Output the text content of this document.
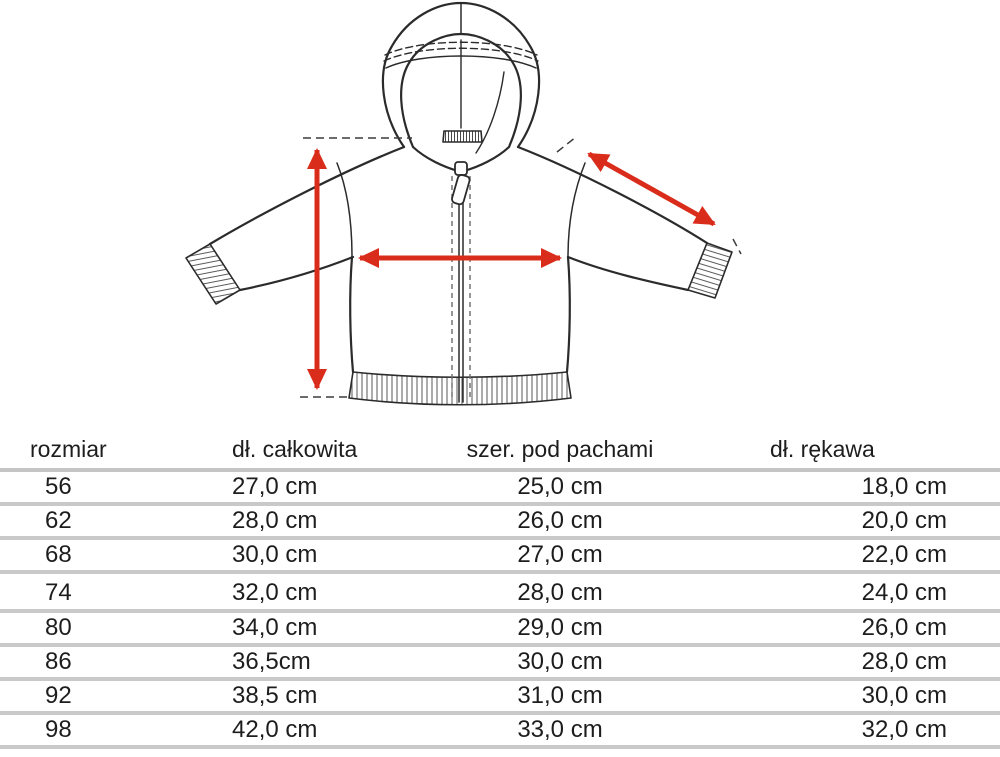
rozmiar	dł. całkowita	szer. pod pachami	dł. rękawa
56	27,0 cm	25,0 cm	18,0 cm
62	28,0 cm	26,0 cm	20,0 cm
68	30,0 cm	27,0 cm	22,0 cm
74	32,0 cm	28,0 cm	24,0 cm
80	34,0 cm	29,0 cm	26,0 cm
86	36,5cm	30,0 cm	28,0 cm
92	38,5 cm	31,0 cm	30,0 cm
98	42,0 cm	33,0 cm	32,0 cm
